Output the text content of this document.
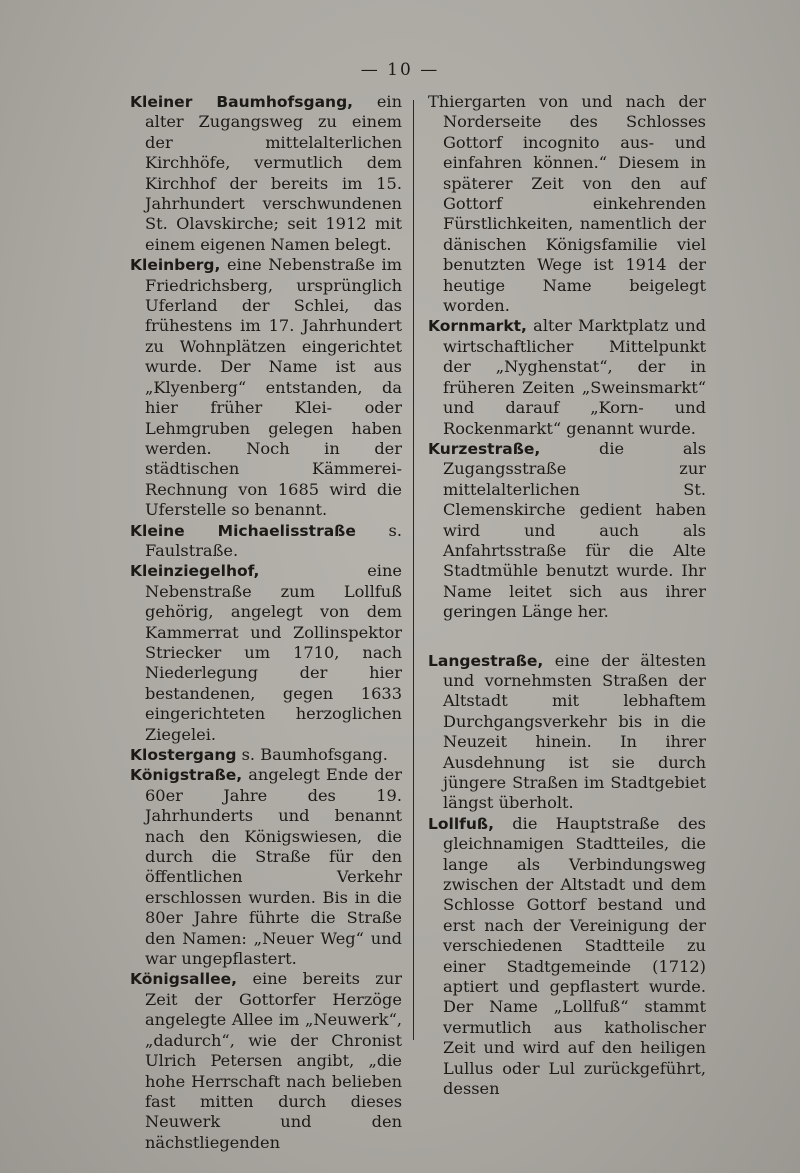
— 10 —

Kleiner Baumhofsgang, ein alter Zugangsweg zu einem der mittelalterlichen Kirchhöfe, vermutlich dem Kirchhof der bereits im 15. Jahrhundert verschwundenen St. Olavskirche; seit 1912 mit einem eigenen Namen belegt.

Kleinberg, eine Nebenstraße im Friedrichsberg, ursprünglich Uferland der Schlei, das frühestens im 17. Jahrhundert zu Wohnplätzen eingerichtet wurde. Der Name ist aus „Klyenberg“ entstanden, da hier früher Klei- oder Lehmgruben gelegen haben werden. Noch in der städtischen Kämmerei-Rechnung von 1685 wird die Uferstelle so benannt.

Kleine Michaelisstraße s. Faulstraße.

Kleinziegelhof, eine Nebenstraße zum Lollfuß gehörig, angelegt von dem Kammerrat und Zollinspektor Striecker um 1710, nach Niederlegung der hier bestandenen, gegen 1633 eingerichteten herzoglichen Ziegelei.

Klostergang s. Baumhofsgang.

Königstraße, angelegt Ende der 60er Jahre des 19. Jahrhunderts und benannt nach den Königswiesen, die durch die Straße für den öffentlichen Verkehr erschlossen wurden. Bis in die 80er Jahre führte die Straße den Namen: „Neuer Weg“ und war ungepflastert.

Königsallee, eine bereits zur Zeit der Gottorfer Herzöge angelegte Allee im „Neuwerk“, „dadurch“, wie der Chronist Ulrich Petersen angibt, „die hohe Herrschaft nach belieben fast mitten durch dieses Neuwerk und den nächstliegenden

Thiergarten von und nach der Norderseite des Schlosses Gottorf incognito aus- und einfahren können.“ Diesem in späterer Zeit von den auf Gottorf einkehrenden Fürstlichkeiten, namentlich der dänischen Königsfamilie viel benutzten Wege ist 1914 der heutige Name beigelegt worden.

Kornmarkt, alter Marktplatz und wirtschaftlicher Mittelpunkt der „Nyghenstat“, der in früheren Zeiten „Sweinsmarkt“ und darauf „Korn- und Rockenmarkt“ genannt wurde.

Kurzestraße, die als Zugangsstraße zur mittelalterlichen St. Clemenskirche gedient haben wird und auch als Anfahrtsstraße für die Alte Stadtmühle benutzt wurde. Ihr Name leitet sich aus ihrer geringen Länge her.

Langestraße, eine der ältesten und vornehmsten Straßen der Altstadt mit lebhaftem Durchgangsverkehr bis in die Neuzeit hinein. In ihrer Ausdehnung ist sie durch jüngere Straßen im Stadtgebiet längst überholt.

Lollfuß, die Hauptstraße des gleichnamigen Stadtteiles, die lange als Verbindungsweg zwischen der Altstadt und dem Schlosse Gottorf bestand und erst nach der Vereinigung der verschiedenen Stadtteile zu einer Stadtgemeinde (1712) aptiert und gepflastert wurde. Der Name „Lollfuß“ stammt vermutlich aus katholischer Zeit und wird auf den heiligen Lullus oder Lul zurückgeführt, dessen
